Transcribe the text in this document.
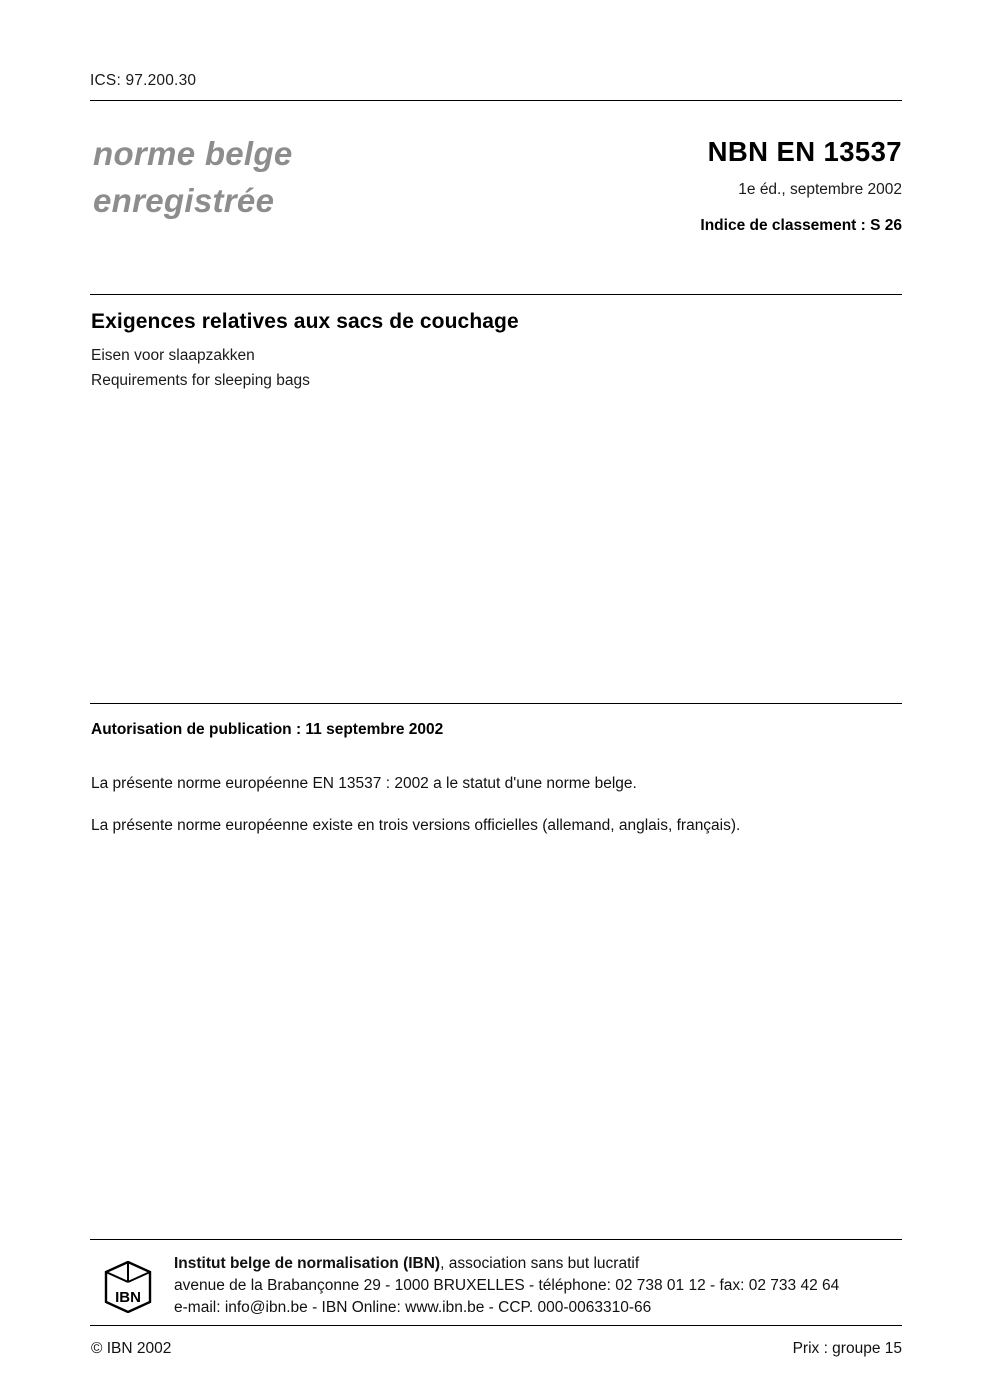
ICS: 97.200.30
norme belge
enregistrée
NBN EN 13537
1e éd., septembre 2002
Indice de classement : S 26
Exigences relatives aux sacs de couchage
Eisen voor slaapzakken
Requirements for sleeping bags
Autorisation de publication : 11 septembre 2002
La présente norme européenne EN 13537 : 2002 a le statut d'une norme belge.
La présente norme européenne existe en trois versions officielles (allemand, anglais, français).
IBN
Institut belge de normalisation (IBN), association sans but lucratif
avenue de la Brabançonne 29 - 1000 BRUXELLES - téléphone: 02 738 01 12 - fax: 02 733 42 64
e-mail: info@ibn.be - IBN Online: www.ibn.be - CCP. 000-0063310-66
© IBN 2002	Prix : groupe 15
